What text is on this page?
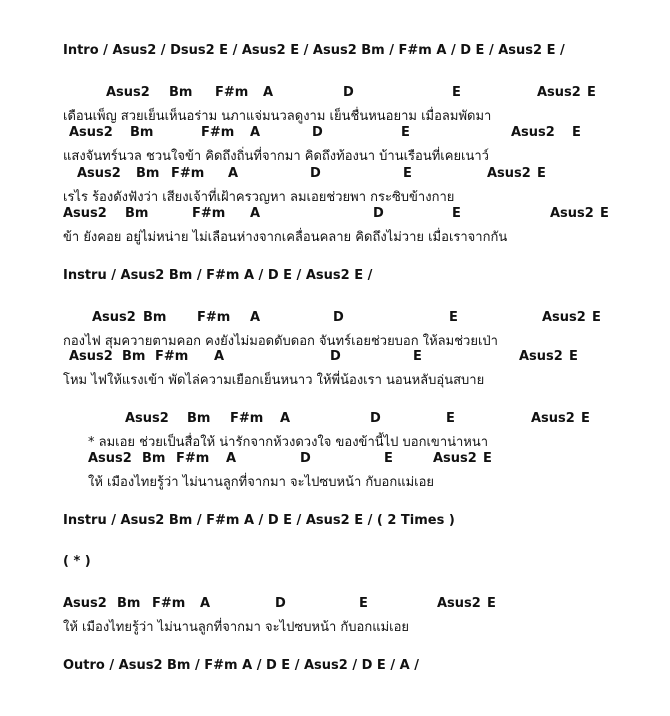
Intro / Asus2 / Dsus2 E / Asus2 E / Asus2 Bm / F#m A / D E / Asus2 E /
Instru / Asus2 Bm / F#m A / D E / Asus2 E /
Instru / Asus2 Bm / F#m A / D E / Asus2 E / ( 2 Times )
( * )
Outro / Asus2 Bm / F#m A / D E / Asus2 / D E / A /
Asus2 Bm F#m A	D	E	Asus2 E
เดือนเพ็ญ สวยเย็นเห็นอร่าม นภาแจ่มนวลดูงาม เย็นชื่นหนอยาม เมื่อลมพัดมา
Asus2 Bm	F#m A	D	E	Asus2 E
แสงจันทร์นวล ชวนใจข้า คิดถึงถิ่นที่จากมา คิดถึงท้องนา บ้านเรือนที่เคยเนาว์
Asus2 Bm F#m A	D	E	Asus2 E
เรไร ร้องดังฟังว่า เสียงเจ้าที่เฝ้าครวญหา ลมเอยช่วยพา กระซิบข้างกาย
Asus2 Bm	F#m A	D	E	Asus2 E
ข้า ยังคอย อยู่ไม่หน่าย ไม่เลือนห่างจากเคลื่อนคลาย คิดถึงไม่วาย เมื่อเราจากกัน
Asus2 Bm F#m A	D	E	Asus2 E
กองไฟ สุมควายตามคอก คงยังไม่มอดดับดอก จันทร์เอยช่วยบอก ให้ลมช่วยเป่า
Asus2 Bm F#m A	D	E	Asus2 E
โหม ไฟให้แรงเข้า พัดไล่ความเยือกเย็นหนาว ให้พี่น้องเรา นอนหลับอุ่นสบาย
Asus2 Bm F#m A	D	E	Asus2 E
* ลมเอย ช่วยเป็นสื่อให้ น่ารักจากห้วงดวงใจ ของข้านี้ไป บอกเขาน่าหนา
Asus2 Bm F#m A	D	E	Asus2 E
ให้ เมืองไทยรู้ว่า ไม่นานลูกที่จากมา จะไปซบหน้า กับอกแม่เอย
Asus2 Bm F#m A	D	E	Asus2 E
ให้ เมืองไทยรู้ว่า ไม่นานลูกที่จากมา จะไปซบหน้า กับอกแม่เอย
